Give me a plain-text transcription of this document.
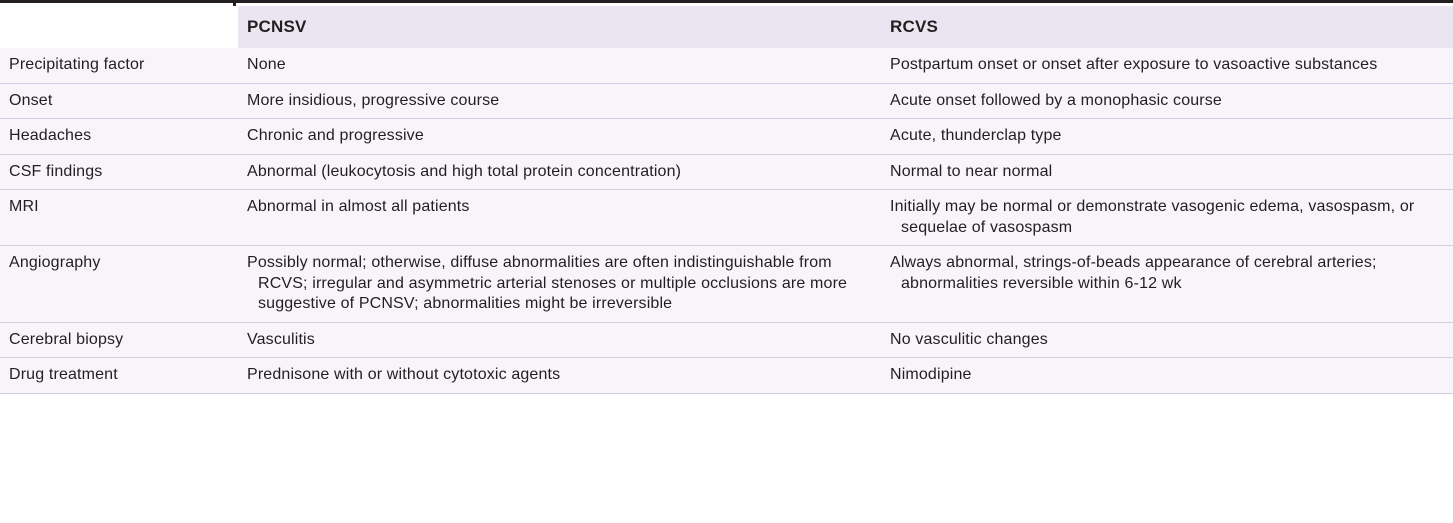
	PCNSV	RCVS
Precipitating factor	None	Postpartum onset or onset after exposure to vasoactive substances

Onset	More insidious, progressive course	Acute onset followed by a monophasic course

Headaches	Chronic and progressive	Acute, thunderclap type

CSF findings	Abnormal (leukocytosis and high total protein concentration)	Normal to near normal

MRI	Abnormal in almost all patients	Initially may be normal or demonstrate vasogenic edema, vasospasm, or sequelae of vasospasm

Angiography	Possibly normal; otherwise, diffuse abnormalities are often indistinguishable from RCVS; irregular and asymmetric arterial stenoses or multiple occlusions are more suggestive of PCNSV; abnormalities might be irreversible	Always abnormal, strings-of-beads appearance of cerebral arteries; abnormalities reversible within 6-12 wk

Cerebral biopsy	Vasculitis	No vasculitic changes

Drug treatment	Prednisone with or without cytotoxic agents	Nimodipine
